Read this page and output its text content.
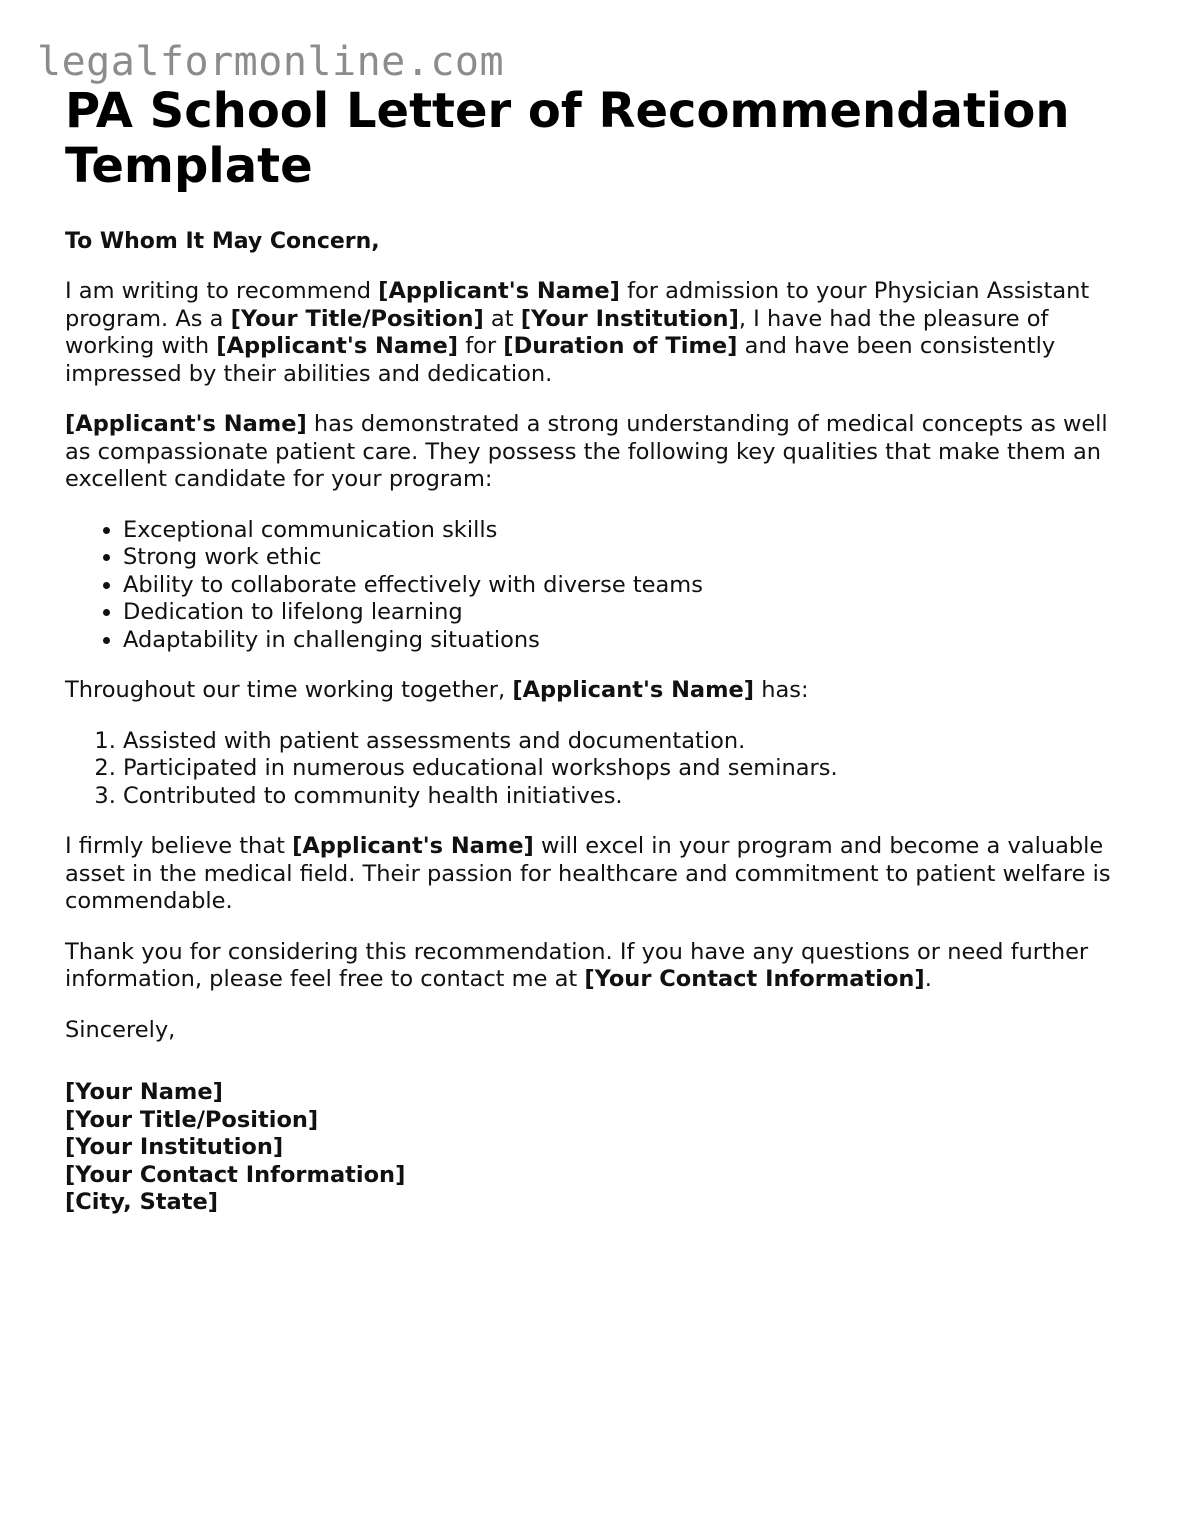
legalformonline.com
PA School Letter of Recommendation Template
To Whom It May Concern,

I am writing to recommend [Applicant's Name] for admission to your Physician Assistant program. As a [Your Title/Position] at [Your Institution], I have had the pleasure of working with [Applicant's Name] for [Duration of Time] and have been consistently impressed by their abilities and dedication.

[Applicant's Name] has demonstrated a strong understanding of medical concepts as well as compassionate patient care. They possess the following key qualities that make them an excellent candidate for your program:

• Exceptional communication skills
• Strong work ethic
• Ability to collaborate effectively with diverse teams
• Dedication to lifelong learning
• Adaptability in challenging situations

Throughout our time working together, [Applicant's Name] has:

1. Assisted with patient assessments and documentation.
2. Participated in numerous educational workshops and seminars.
3. Contributed to community health initiatives.

I firmly believe that [Applicant's Name] will excel in your program and become a valuable asset in the medical field. Their passion for healthcare and commitment to patient welfare is commendable.

Thank you for considering this recommendation. If you have any questions or need further information, please feel free to contact me at [Your Contact Information].

Sincerely,

[Your Name]
[Your Title/Position]
[Your Institution]
[Your Contact Information]
[City, State]
